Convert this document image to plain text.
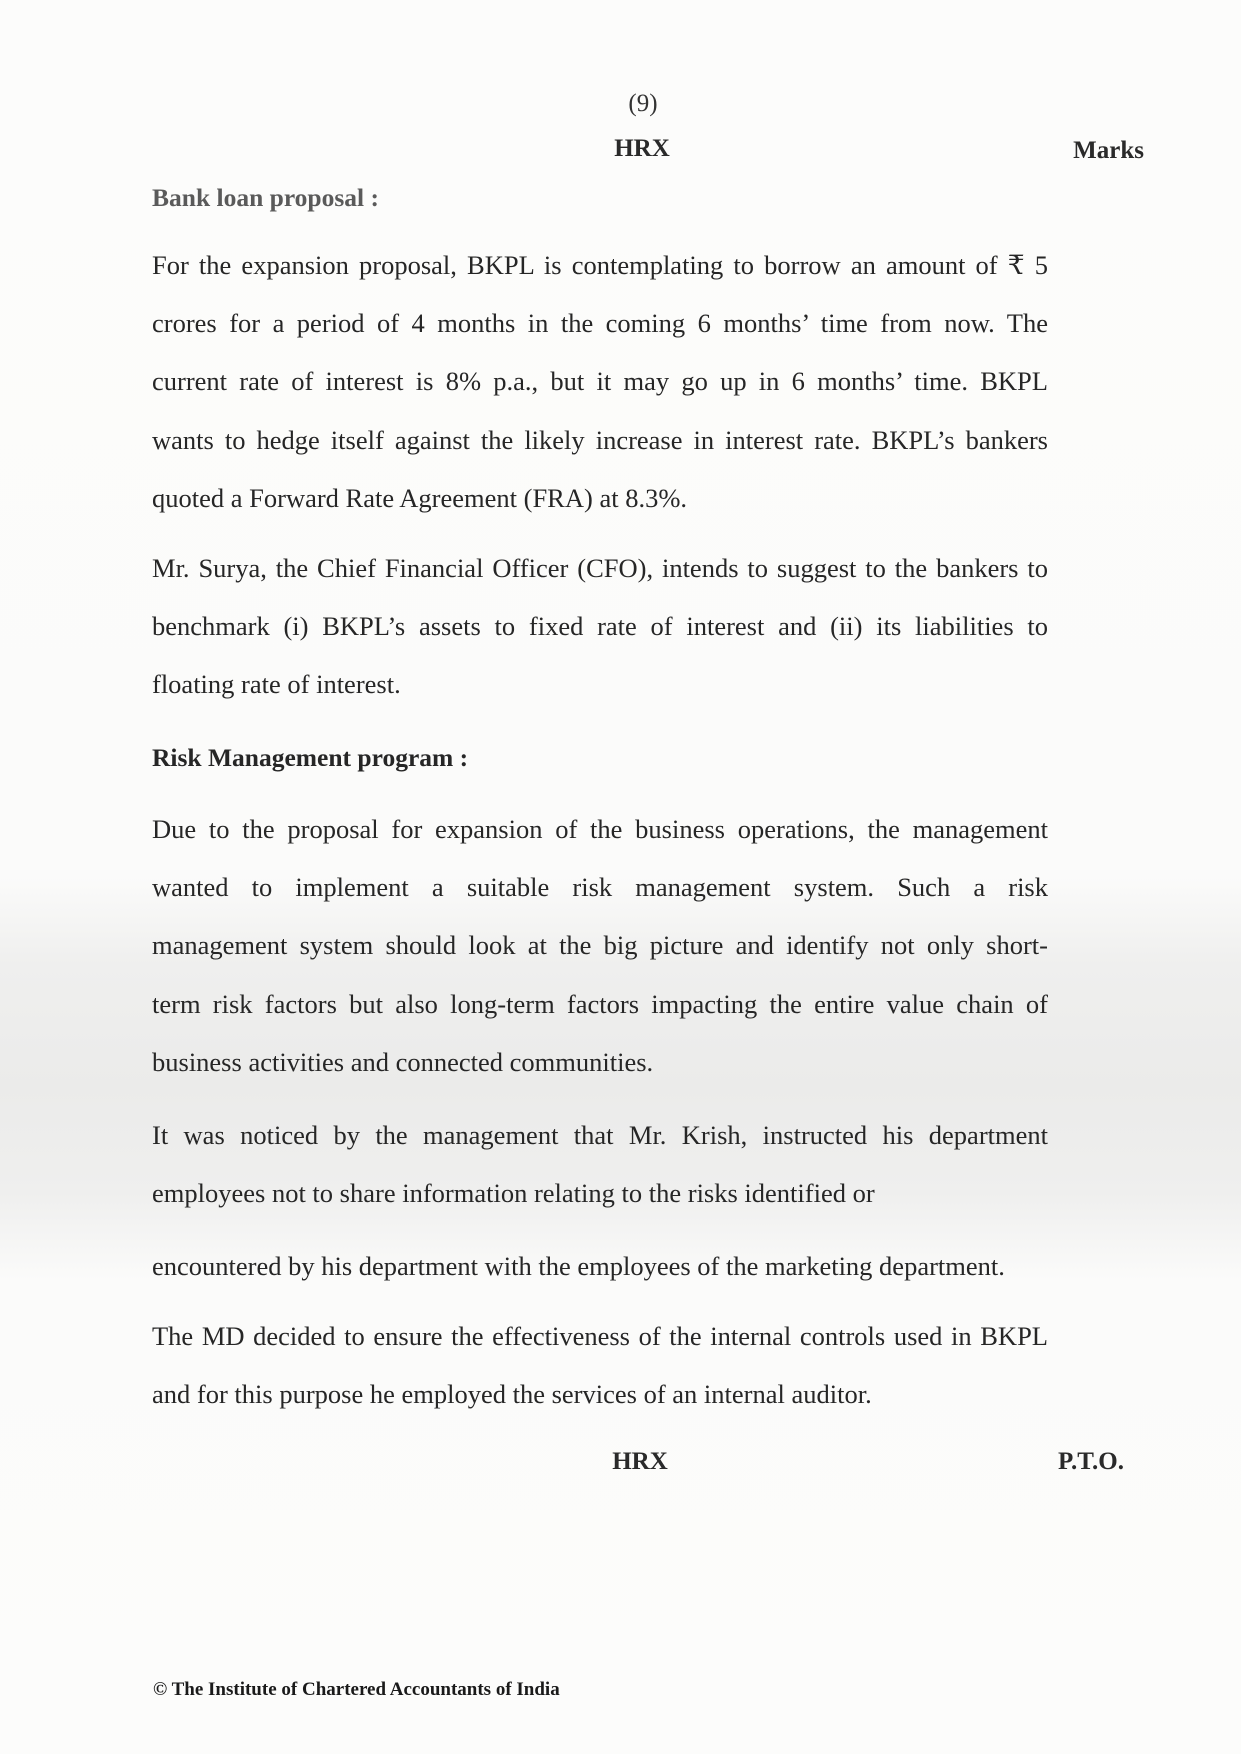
(9)
HRX	Marks
Bank loan proposal :
For the expansion proposal, BKPL is contemplating to borrow an amount of ₹ 5
crores for a period of 4 months in the coming 6 months’ time from now. The
current rate of interest is 8% p.a., but it may go up in 6 months’ time. BKPL
wants to hedge itself against the likely increase in interest rate. BKPL’s bankers
quoted a Forward Rate Agreement (FRA) at 8.3%.
Mr. Surya, the Chief Financial Officer (CFO), intends to suggest to the bankers to
benchmark (i) BKPL’s assets to fixed rate of interest and (ii) its liabilities to
floating rate of interest.
Risk Management program :
Due to the proposal for expansion of the business operations, the management
wanted to implement a suitable risk management system. Such a risk
management system should look at the big picture and identify not only short-
term risk factors but also long-term factors impacting the entire value chain of
business activities and connected communities.
It was noticed by the management that Mr. Krish, instructed his department
employees not to share information relating to the risks identified or
encountered by his department with the employees of the marketing department.
The MD decided to ensure the effectiveness of the internal controls used in BKPL
and for this purpose he employed the services of an internal auditor.
HRX	P.T.O.
© The Institute of Chartered Accountants of India
